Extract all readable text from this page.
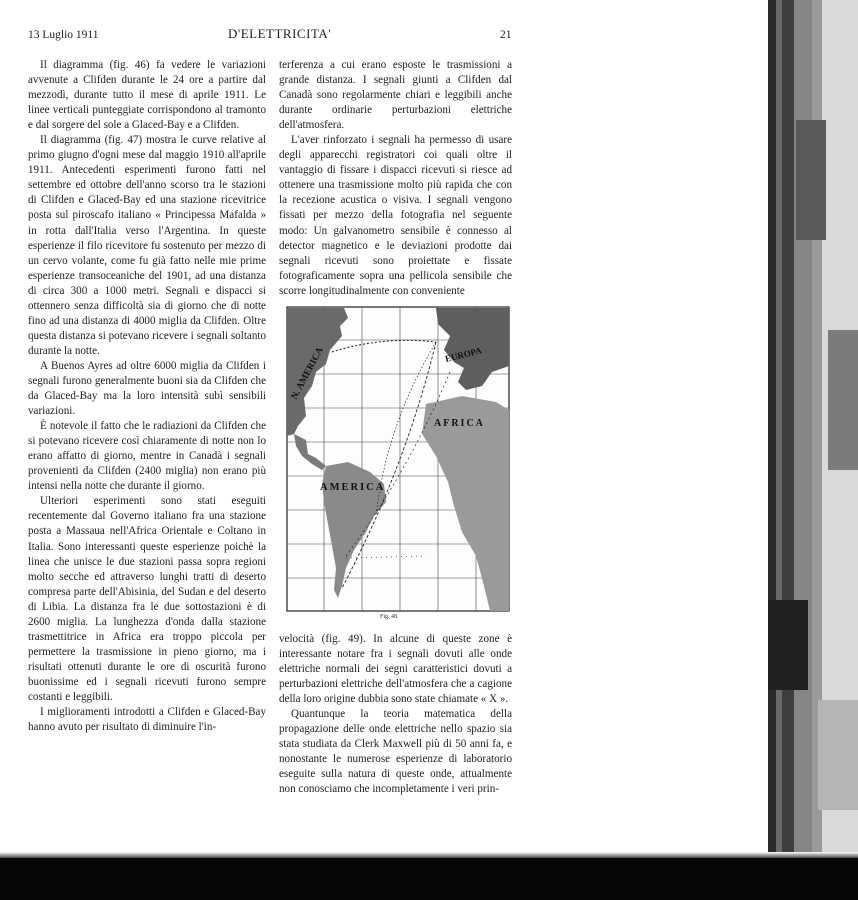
13 Luglio 1911	D'ELETTRICITA'	21

Il diagramma (fig. 46) fa vedere le variazioni avvenute a Clifden durante le 24 ore a partire dal mezzodì, durante tutto il mese di aprile 1911. Le linee verticali punteggiate corrispondono al tramonto e dal sorgere del sole a Glaced-Bay e a Clifden.

Il diagramma (fig. 47) mostra le curve relative al primo giugno d'ogni mese dal maggio 1910 all'aprile 1911. Antecedenti esperimenti furono fatti nel settembre ed ottobre dell'anno scorso tra le stazioni di Clifden e Glaced-Bay ed una stazione ricevitrice posta sul piroscafo italiano « Principessa Mafalda » in rotta dall'Italia verso l'Argentina. In queste esperienze il filo ricevitore fu sostenuto per mezzo di un cervo volante, come fu già fatto nelle mie prime esperienze transoceaniche del 1901, ad una distanza di circa 300 a 1000 metri. Segnali e dispacci si ottennero senza difficoltà sia di giorno che di notte fino ad una distanza di 4000 miglia da Clifden. Oltre questa distanza si potevano ricevere i segnali soltanto durante la notte.

A Buenos Ayres ad oltre 6000 miglia da Clifden i segnali furono generalmente buoni sia da Clifden che da Glaced-Bay ma la loro intensità subì sensibili variazioni.

È notevole il fatto che le radiazioni da Clifden che si potevano ricevere così chiaramente di notte non lo erano affatto di giorno, mentre in Canadà i segnali provenienti da Clifden (2400 miglia) non erano più intensi nella notte che durante il giorno.

Ulteriori esperimenti sono stati eseguiti recentemente dal Governo italiano fra una stazione posta a Massaua nell'Africa Orientale e Coltano in Italia. Sono interessanti queste esperienze poichè la linea che unisce le due stazioni passa sopra regioni molto secche ed attraverso lunghi tratti di deserto compresa parte dell'Abisinia, del Sudan e del deserto di Libia. La distanza fra le due sottostazioni è di 2600 miglia. La lunghezza d'onda dalla stazione trasmettitrice in Africa era troppo piccola per permettere la trasmissione in pieno giorno, ma i risultati ottenuti durante le ore di oscurità furono buonissime ed i segnali ricevuti furono sempre costanti e leggibili.

I miglioramenti introdotti a Clifden e Glaced-Bay hanno avuto per risultato di diminuire l'in-

terferenza a cui erano esposte le trasmissioni a grande distanza. I segnali giunti a Clifden dal Canadà sono regolarmente chiari e leggibili anche durante ordinarie perturbazioni elettriche dell'atmosfera.

L'aver rinforzato i segnali ha permesso di usare degli apparecchi registratori coi quali oltre il vantaggio di fissare i dispacci ricevuti si riesce ad ottenere una trasmissione molto più rapida che con la recezione acustica o visiva. I segnali vengono fissati per mezzo della fotografia nel seguente modo: Un galvanometro sensibile è connesso al detector magnetico e le deviazioni prodotte dai segnali ricevuti sono proiettate e fissate fotograficamente sopra una pellicola sensibile che scorre longitudinalmente con conveniente

N. AMERICA	EUROPA
AFRICA
AMERICA
Fig. 48.

velocità (fig. 49). In alcune di queste zone è interessante notare fra i segnali dovuti alle onde elettriche normali dei segni caratteristici dovuti a perturbazioni elettriche dell'atmosfera che a cagione della loro origine dubbia sono state chiamate « X ».

Quantunque la teoria matematica della propagazione delle onde elettriche nello spazio sia stata studiata da Clerk Maxwell più di 50 anni fa, e nonostante le numerose esperienze di laboratorio eseguite sulla natura di queste onde, attualmente non conosciamo che incompletamente i veri prin-
